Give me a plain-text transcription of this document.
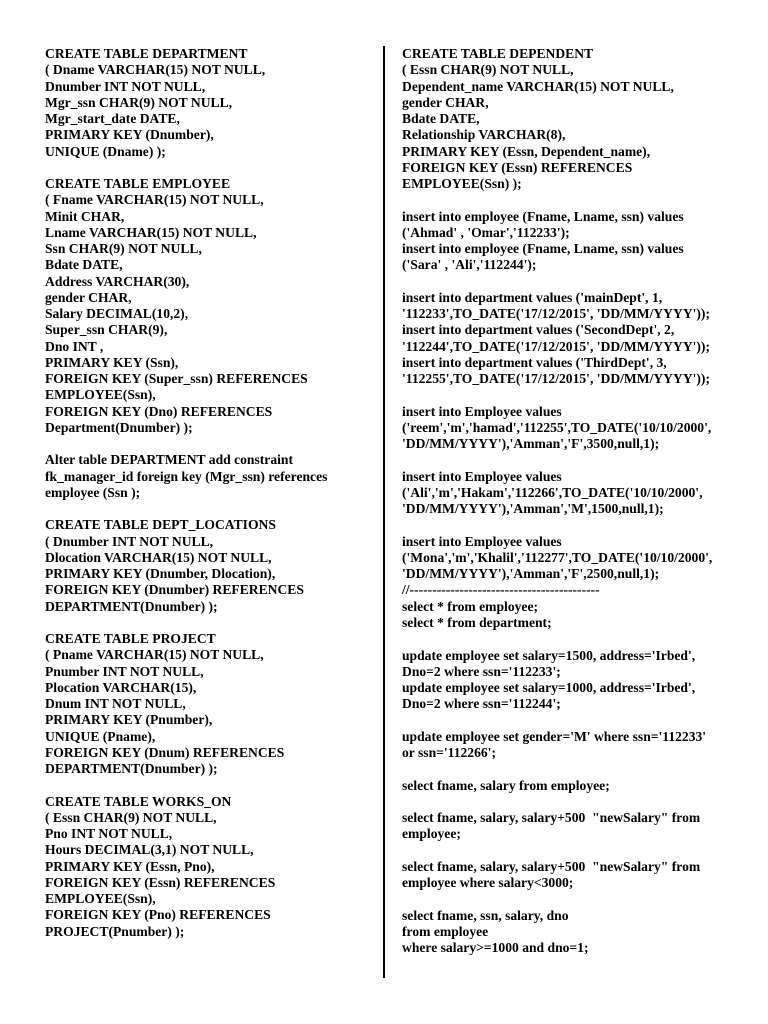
CREATE TABLE DEPARTMENT
( Dname VARCHAR(15) NOT NULL,
Dnumber INT NOT NULL,
Mgr_ssn CHAR(9) NOT NULL,
Mgr_start_date DATE,
PRIMARY KEY (Dnumber),
UNIQUE (Dname) );
CREATE TABLE EMPLOYEE
( Fname VARCHAR(15) NOT NULL,
Minit CHAR,
Lname VARCHAR(15) NOT NULL,
Ssn CHAR(9) NOT NULL,
Bdate DATE,
Address VARCHAR(30),
gender CHAR,
Salary DECIMAL(10,2),
Super_ssn CHAR(9),
Dno INT ,
PRIMARY KEY (Ssn),
FOREIGN KEY (Super_ssn) REFERENCES
EMPLOYEE(Ssn),
FOREIGN KEY (Dno) REFERENCES
Department(Dnumber) );
Alter table DEPARTMENT add constraint
fk_manager_id foreign key (Mgr_ssn) references
employee (Ssn );
CREATE TABLE DEPT_LOCATIONS
( Dnumber INT NOT NULL,
Dlocation VARCHAR(15) NOT NULL,
PRIMARY KEY (Dnumber, Dlocation),
FOREIGN KEY (Dnumber) REFERENCES
DEPARTMENT(Dnumber) );
CREATE TABLE PROJECT
( Pname VARCHAR(15) NOT NULL,
Pnumber INT NOT NULL,
Plocation VARCHAR(15),
Dnum INT NOT NULL,
PRIMARY KEY (Pnumber),
UNIQUE (Pname),
FOREIGN KEY (Dnum) REFERENCES
DEPARTMENT(Dnumber) );
CREATE TABLE WORKS_ON
( Essn CHAR(9) NOT NULL,
Pno INT NOT NULL,
Hours DECIMAL(3,1) NOT NULL,
PRIMARY KEY (Essn, Pno),
FOREIGN KEY (Essn) REFERENCES
EMPLOYEE(Ssn),
FOREIGN KEY (Pno) REFERENCES
PROJECT(Pnumber) );
CREATE TABLE DEPENDENT
( Essn CHAR(9) NOT NULL,
Dependent_name VARCHAR(15) NOT NULL,
gender CHAR,
Bdate DATE,
Relationship VARCHAR(8),
PRIMARY KEY (Essn, Dependent_name),
FOREIGN KEY (Essn) REFERENCES
EMPLOYEE(Ssn) );
insert into employee (Fname, Lname, ssn) values
('Ahmad' , 'Omar','112233');
insert into employee (Fname, Lname, ssn) values
('Sara' , 'Ali','112244');
insert into department values ('mainDept', 1,
'112233',TO_DATE('17/12/2015', 'DD/MM/YYYY'));
insert into department values ('SecondDept', 2,
'112244',TO_DATE('17/12/2015', 'DD/MM/YYYY'));
insert into department values ('ThirdDept', 3,
'112255',TO_DATE('17/12/2015', 'DD/MM/YYYY'));
insert into Employee values
('reem','m','hamad','112255',TO_DATE('10/10/2000',
'DD/MM/YYYY'),'Amman','F',3500,null,1);
insert into Employee values
('Ali','m','Hakam','112266',TO_DATE('10/10/2000',
'DD/MM/YYYY'),'Amman','M',1500,null,1);
insert into Employee values
('Mona','m','Khalil','112277',TO_DATE('10/10/2000',
'DD/MM/YYYY'),'Amman','F',2500,null,1);
//------------------------------------------
select * from employee;
select * from department;
update employee set salary=1500, address='Irbed',
Dno=2 where ssn='112233';
update employee set salary=1000, address='Irbed',
Dno=2 where ssn='112244';
update employee set gender='M' where ssn='112233'
or ssn='112266';
select fname, salary from employee;
select fname, salary, salary+500  "newSalary" from
employee;
select fname, salary, salary+500  "newSalary" from
employee where salary<3000;
select fname, ssn, salary, dno
from employee
where salary>=1000 and dno=1;
